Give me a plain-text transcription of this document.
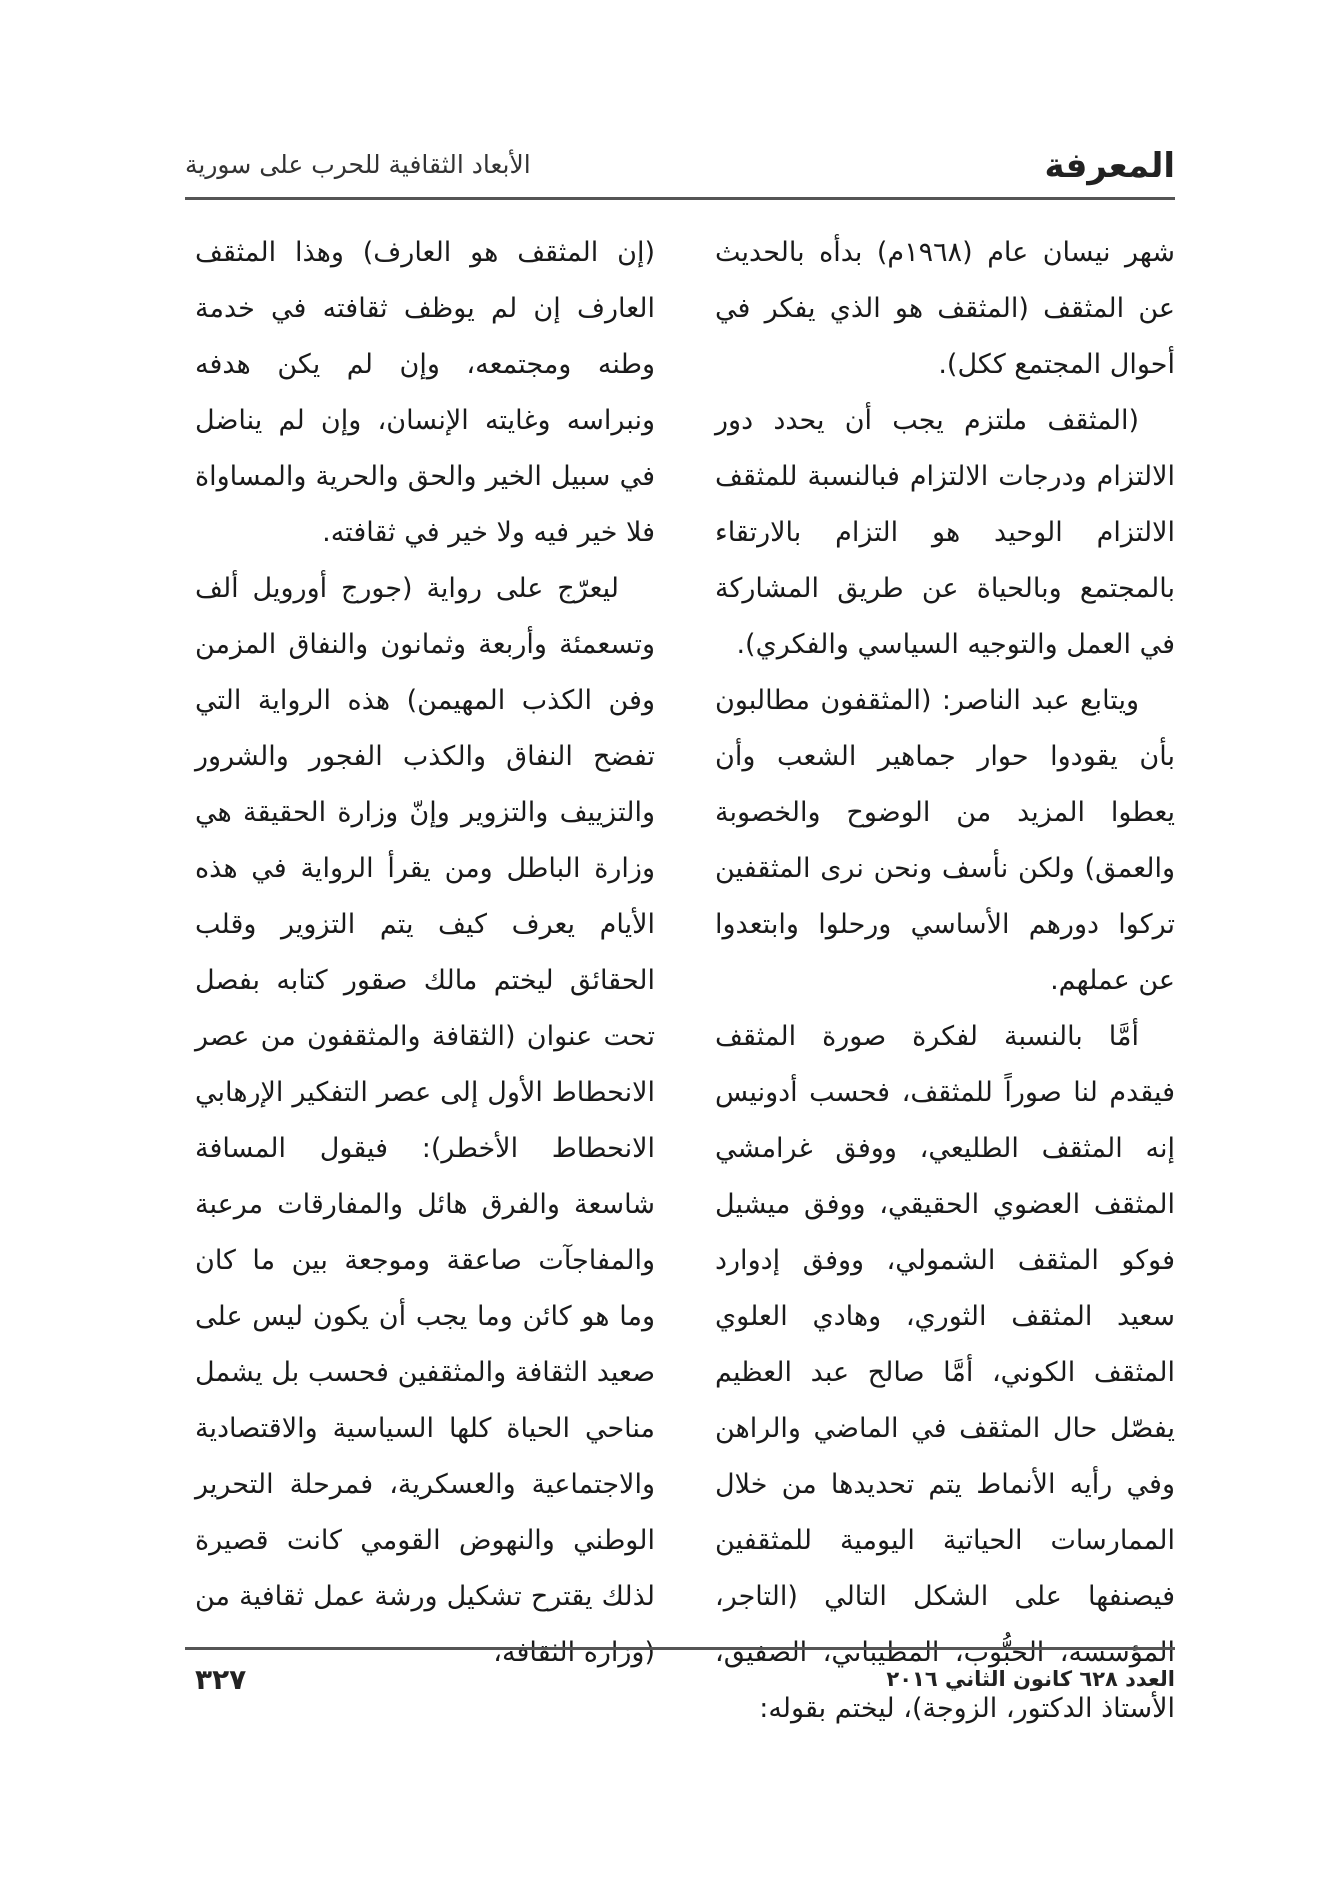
المعرفة
الأبعاد الثقافية للحرب على سورية

شهر نيسان عام (١٩٦٨م) بدأه بالحديث عن المثقف (المثقف هو الذي يفكر في أحوال المجتمع ككل).

(المثقف ملتزم يجب أن يحدد دور الالتزام ودرجات الالتزام فبالنسبة للمثقف الالتزام الوحيد هو التزام بالارتقاء بالمجتمع وبالحياة عن طريق المشاركة في العمل والتوجيه السياسي والفكري).

ويتابع عبد الناصر: (المثقفون مطالبون بأن يقودوا حوار جماهير الشعب وأن يعطوا المزيد من الوضوح والخصوبة والعمق) ولكن نأسف ونحن نرى المثقفين تركوا دورهم الأساسي ورحلوا وابتعدوا عن عملهم.

أمَّا بالنسبة لفكرة صورة المثقف فيقدم لنا صوراً للمثقف، فحسب أدونيس إنه المثقف الطليعي، ووفق غرامشي المثقف العضوي الحقيقي، ووفق ميشيل فوكو المثقف الشمولي، ووفق إدوارد سعيد المثقف الثوري، وهادي العلوي المثقف الكوني، أمَّا صالح عبد العظيم يفصّل حال المثقف في الماضي والراهن وفي رأيه الأنماط يتم تحديدها من خلال الممارسات الحياتية اليومية للمثقفين فيصنفها على الشكل التالي (التاجر، المؤسسة، الحبُّوب، المطيباتي، الصفيق، الأستاذ الدكتور، الزوجة)، ليختم بقوله:

(إن المثقف هو العارف) وهذا المثقف العارف إن لم يوظف ثقافته في خدمة وطنه ومجتمعه، وإن لم يكن هدفه ونبراسه وغايته الإنسان، وإن لم يناضل في سبيل الخير والحق والحرية والمساواة فلا خير فيه ولا خير في ثقافته.

ليعرّج على رواية (جورج أورويل ألف وتسعمئة وأربعة وثمانون والنفاق المزمن وفن الكذب المهيمن) هذه الرواية التي تفضح النفاق والكذب الفجور والشرور والتزييف والتزوير وإنّ وزارة الحقيقة هي وزارة الباطل ومن يقرأ الرواية في هذه الأيام يعرف كيف يتم التزوير وقلب الحقائق ليختم مالك صقور كتابه بفصل تحت عنوان (الثقافة والمثقفون من عصر الانحطاط الأول إلى عصر التفكير الإرهابي الانحطاط الأخطر): فيقول المسافة شاسعة والفرق هائل والمفارقات مرعبة والمفاجآت صاعقة وموجعة بين ما كان وما هو كائن وما يجب أن يكون ليس على صعيد الثقافة والمثقفين فحسب بل يشمل مناحي الحياة كلها السياسية والاقتصادية والاجتماعية والعسكرية، فمرحلة التحرير الوطني والنهوض القومي كانت قصيرة لذلك يقترح تشكيل ورشة عمل ثقافية من (وزارة الثقافة،

العدد ٦٢٨ كانون الثاني ٢٠١٦
٣٢٧
